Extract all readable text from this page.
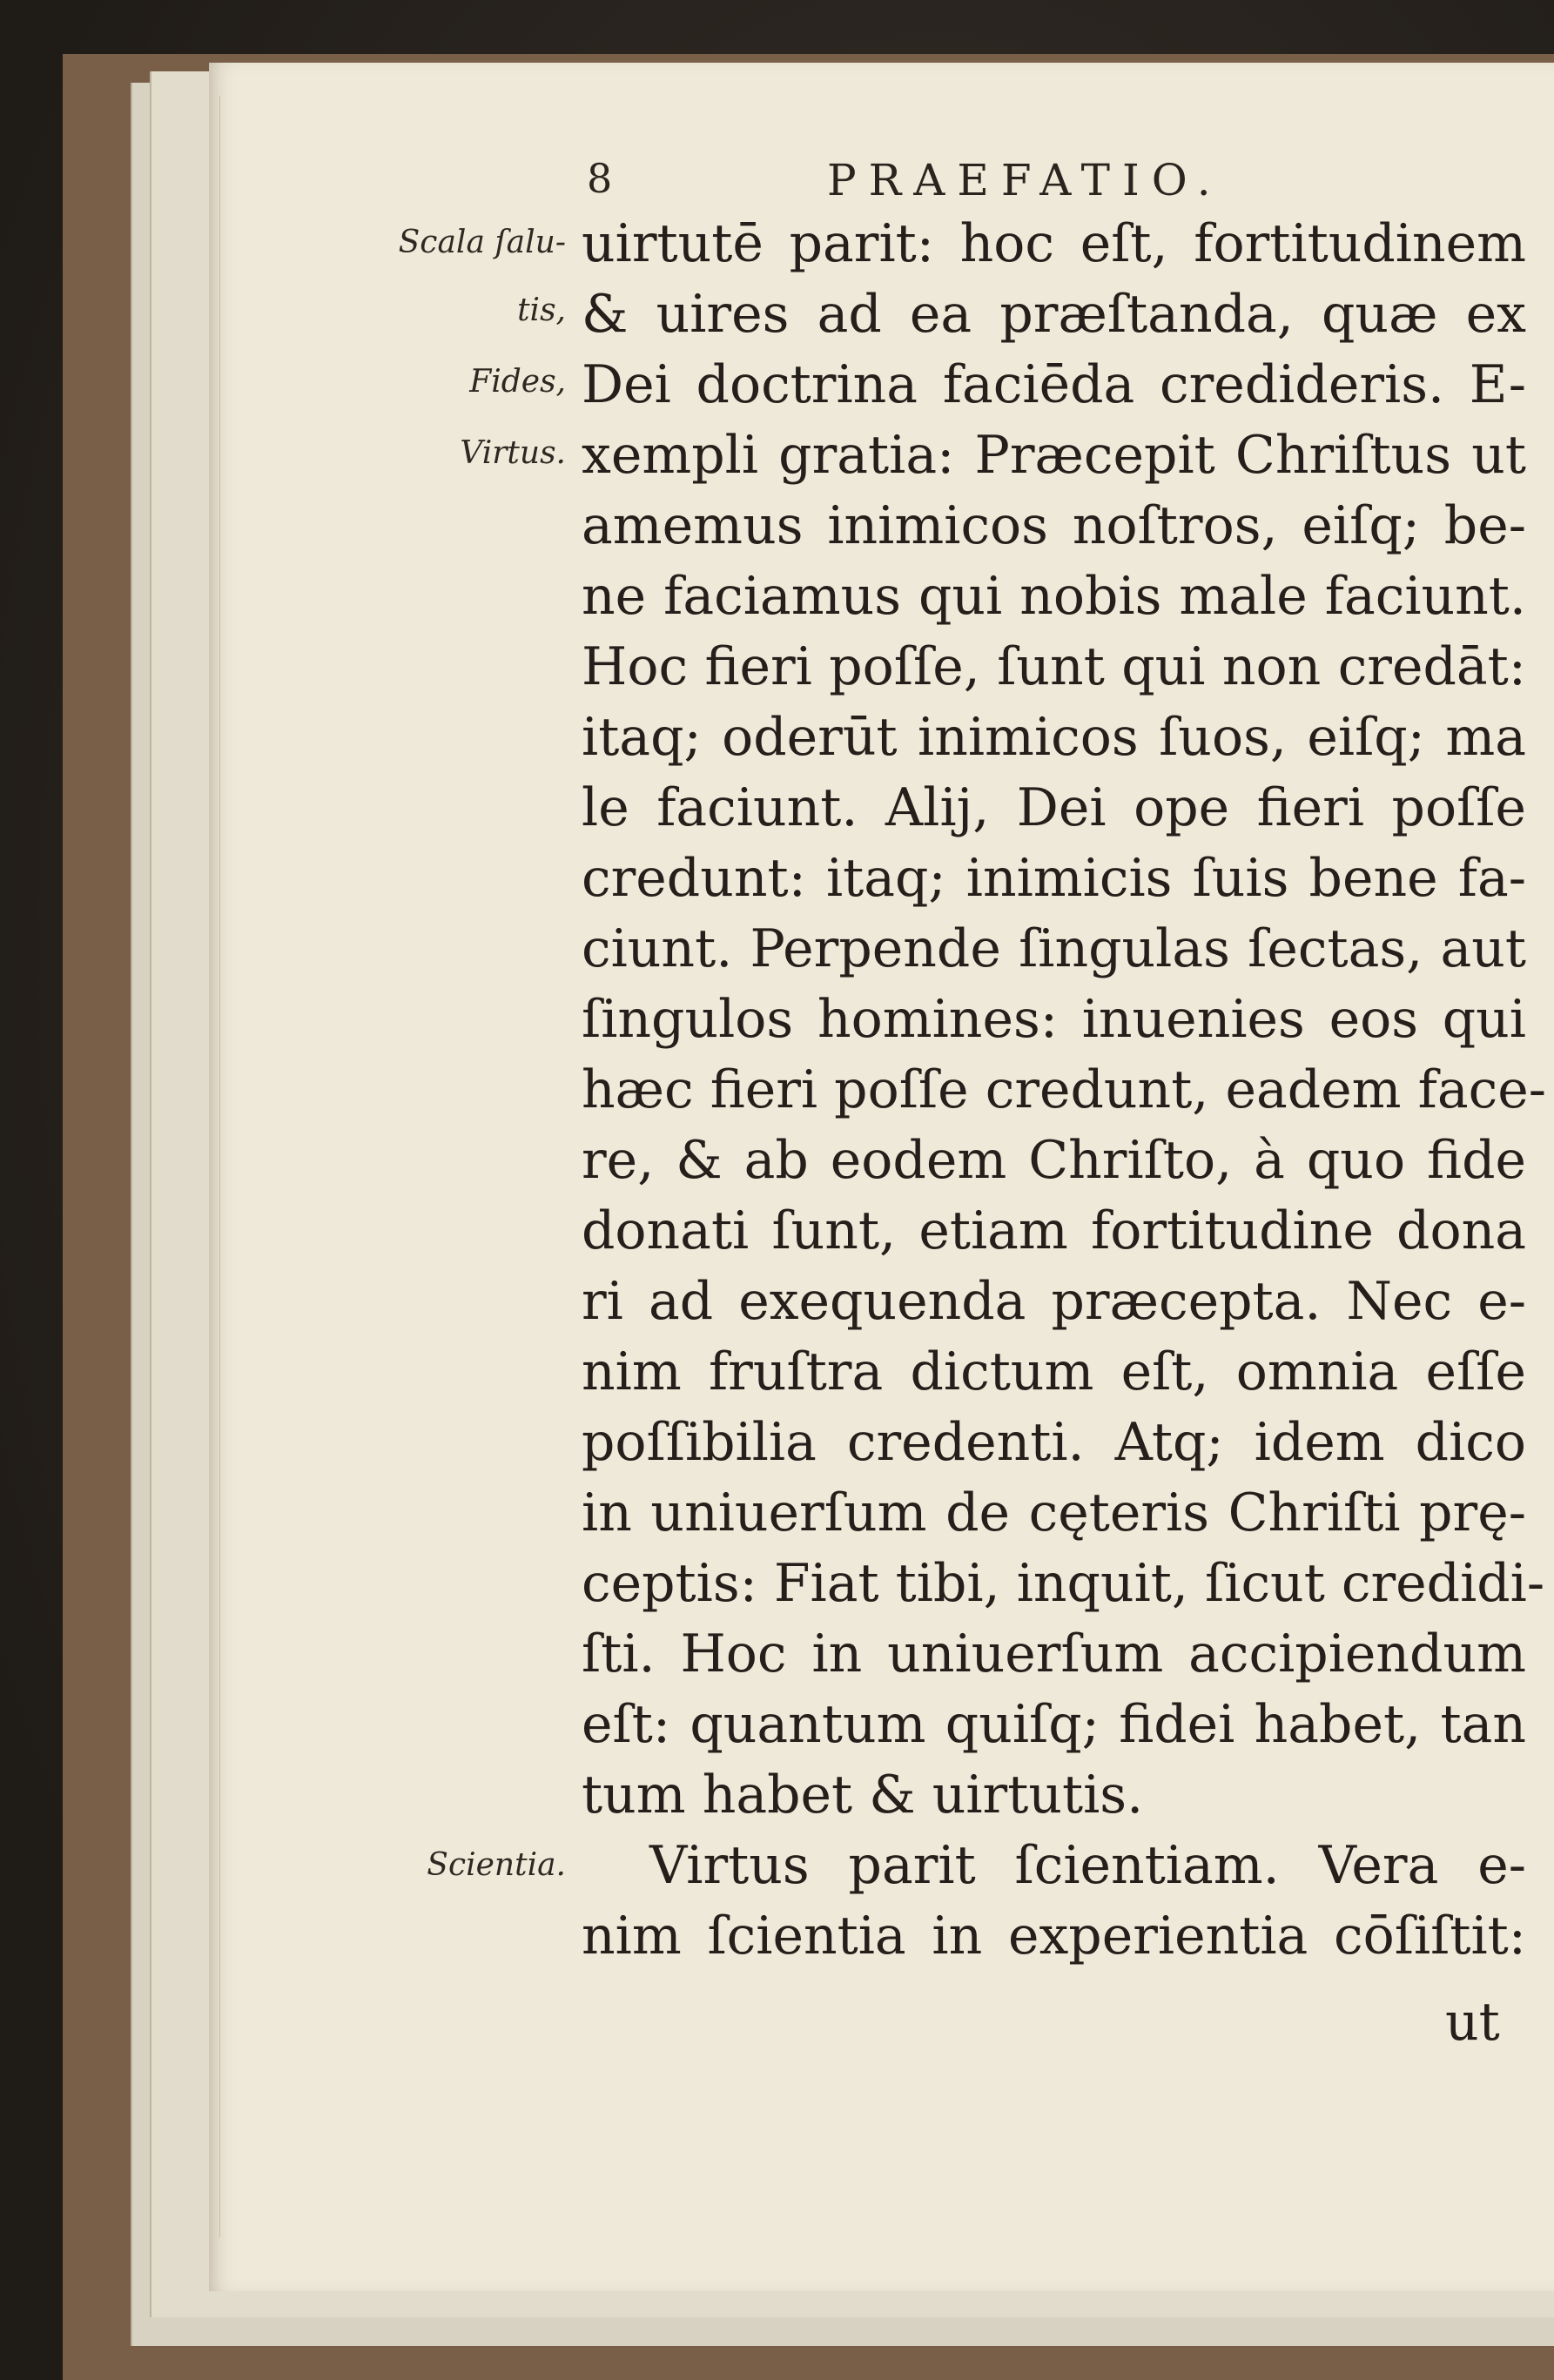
8	PRAEFATIO.
Scala ſalu-
tis,
Fides,
Virtus.
Scientia.
uirtutē parit: hoc eſt, fortitudinem
& uires ad ea præſtanda, quæ ex
Dei doctrina faciēda credideris. E-
xempli gratia: Præcepit Chriſtus ut
amemus inimicos noſtros, eiſq; be-
ne faciamus qui nobis male faciunt.
Hoc fieri poſſe, ſunt qui non credāt:
itaq; oderūt inimicos ſuos, eiſq; ma
le faciunt. Alij, Dei ope fieri poſſe
credunt: itaq; inimicis ſuis bene fa-
ciunt. Perpende ſingulas ſectas, aut
ſingulos homines: inuenies eos qui
hæc fieri poſſe credunt, eadem face-
re, & ab eodem Chriſto, à quo fide
donati ſunt, etiam fortitudine dona
ri ad exequenda præcepta. Nec e-
nim fruſtra dictum eſt, omnia eſſe
poſſibilia credenti. Atq; idem dico
in uniuerſum de cęteris Chriſti prę-
ceptis: Fiat tibi, inquit, ſicut credidi-
ſti. Hoc in uniuerſum accipiendum
eſt: quantum quiſq; fidei habet, tan
tum habet & uirtutis.
Virtus parit ſcientiam. Vera e-
nim ſcientia in experientia cōſiſtit:
ut
